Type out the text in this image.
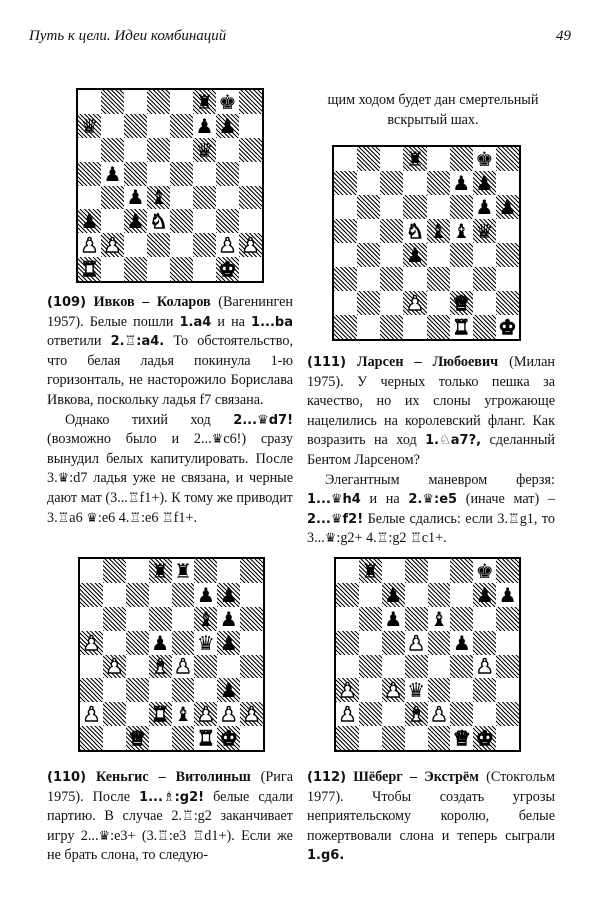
Путь к цели. Идеи комбинаций	49
♜ ♚
♛	♟ ♟
♛
♟
♟ ♝
♟ ♟ ♞
♟ ♟	♟ ♟
♜	♚
♜	♚
♟ ♟
♟ ♟
♞ ♝ ♝ ♛
♟
♟ ♛
♜ ♚
♜ ♜
♟ ♟
♝ ♟
♟	♟ ♛ ♟
♟ ♝ ♟
♟
♟	♜ ♝ ♟ ♟ ♟
♛	♜ ♚
♜	♚
♟	♟ ♟
♟ ♝
♟ ♟
♟
♟ ♟ ♛
♟	♝ ♟
♛ ♚
щим ходом будет дан смертельный вскрытый шах.

(109) Ивков – Коларов (Вагенинген 1957). Белые пошли 1.a4 и на 1...ba ответили 2.♖:a4. То обстоятельство, что белая ладья покинула 1-ю горизонталь, не насторожило Борислава Ивкова, поскольку ладья f7 связана.

Однако тихий ход 2...♛d7! (возможно было и 2...♛c6!) сразу вынудил белых капитулировать. После 3.♛:d7 ладья уже не связана, и черные дают мат (3...♖f1+). К тому же приводит 3.♖a6 ♛:e6 4.♖:e6 ♖f1+.

(111) Ларсен – Любоевич (Милан 1975). У черных только пешка за качество, но их слоны угрожающе нацелились на королевский фланг. Как возразить на ход 1.♘a7?, сделанный Бентом Ларсеном?

Элегантным маневром ферзя: 1...♛h4 и на 2.♛:e5 (иначе мат) – 2...♛f2! Белые сдались: если 3.♖g1, то 3...♛:g2+ 4.♖:g2 ♖c1+.

(110) Кеньгис – Витолиньш (Рига 1975). После 1...♗:g2! белые сдали партию. В случае 2.♖:g2 заканчивает игру 2...♛:e3+ (3.♖:e3 ♖d1+). Если же не брать слона, то следую-

(112) Шёберг – Экстрём (Стокгольм 1977). Чтобы создать угрозы неприятельскому королю, белые пожертвовали слона и теперь сыграли 1.g6.
